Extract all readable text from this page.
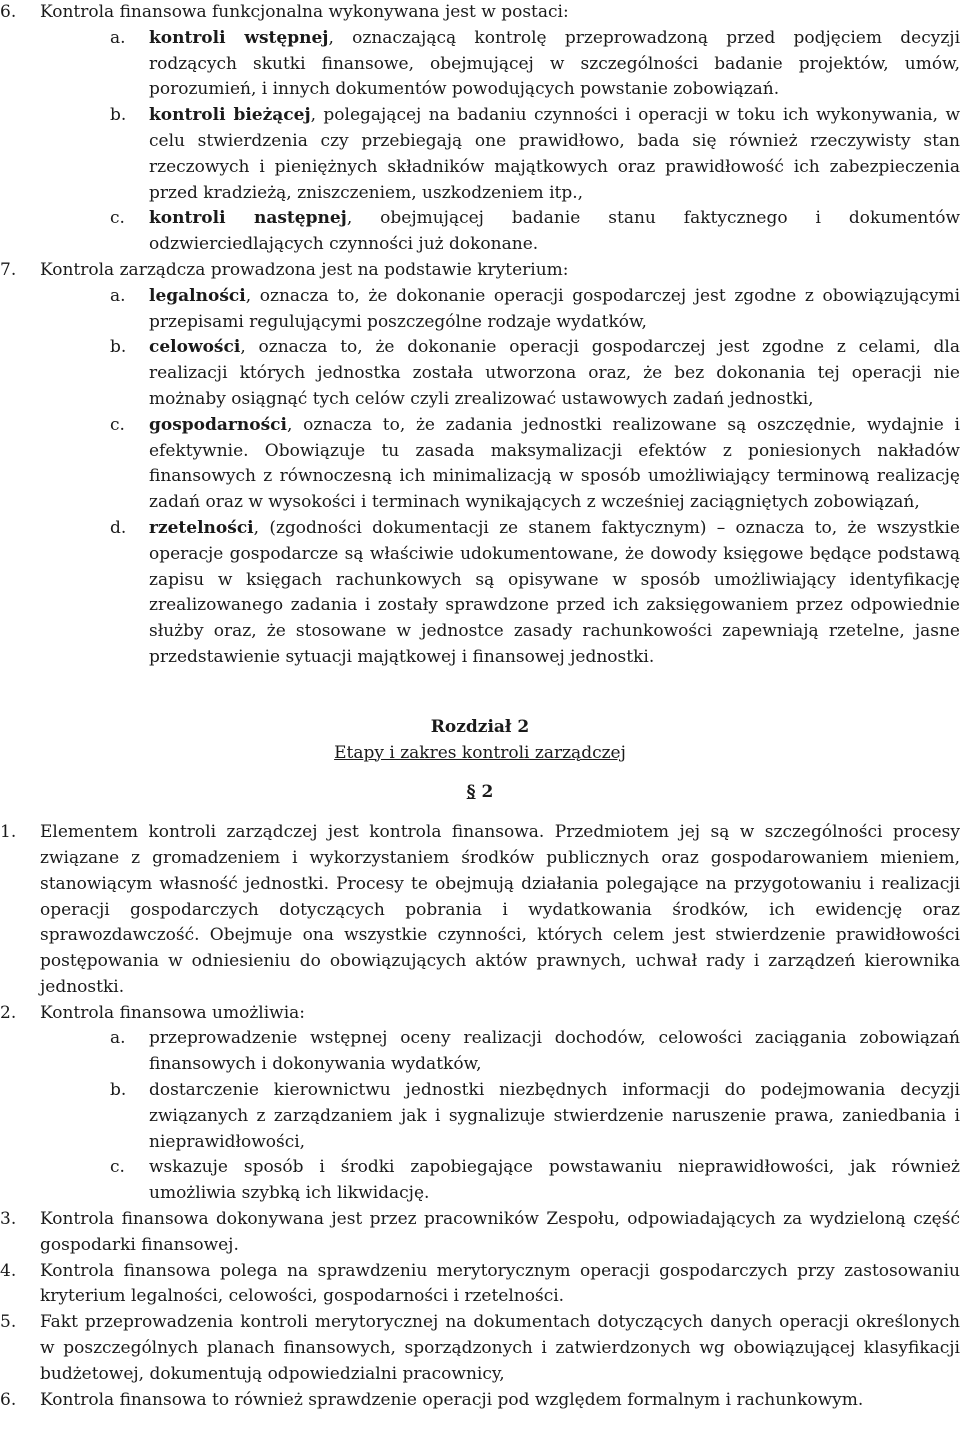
6. Kontrola finansowa funkcjonalna wykonywana jest w postaci:
a. kontroli wstępnej, oznaczającą kontrolę przeprowadzoną przed podjęciem decyzji rodzących skutki finansowe, obejmującej w szczególności badanie projektów, umów, porozumień, i innych dokumentów powodujących powstanie zobowiązań.
b. kontroli bieżącej, polegającej na badaniu czynności i operacji w toku ich wykonywania, w celu stwierdzenia czy przebiegają one prawidłowo, bada się również rzeczywisty stan rzeczowych i pieniężnych składników majątkowych oraz prawidłowość ich zabezpieczenia przed kradzieżą, zniszczeniem, uszkodzeniem itp.,
c. kontroli następnej, obejmującej badanie stanu faktycznego i dokumentów odzwierciedlających czynności już dokonane.
7. Kontrola zarządcza prowadzona jest na podstawie kryterium:
a. legalności, oznacza to, że dokonanie operacji gospodarczej jest zgodne z obowiązującymi przepisami regulującymi poszczególne rodzaje wydatków,
b. celowości, oznacza to, że dokonanie operacji gospodarczej jest zgodne z celami, dla realizacji których jednostka została utworzona oraz, że bez dokonania tej operacji nie możnaby osiągnąć tych celów czyli zrealizować ustawowych zadań jednostki,
c. gospodarności, oznacza to, że zadania jednostki realizowane są oszczędnie, wydajnie i efektywnie. Obowiązuje tu zasada maksymalizacji efektów z poniesionych nakładów finansowych z równoczesną ich minimalizacją w sposób umożliwiający terminową realizację zadań oraz w wysokości i terminach wynikających z wcześniej zaciągniętych zobowiązań,
d. rzetelności, (zgodności dokumentacji ze stanem faktycznym) – oznacza to, że wszystkie operacje gospodarcze są właściwie udokumentowane, że dowody księgowe będące podstawą zapisu w księgach rachunkowych są opisywane w sposób umożliwiający identyfikację zrealizowanego zadania i zostały sprawdzone przed ich zaksięgowaniem przez odpowiednie służby oraz, że stosowane w jednostce zasady rachunkowości zapewniają rzetelne, jasne przedstawienie sytuacji majątkowej i finansowej jednostki.
Rozdział 2
Etapy i zakres kontroli zarządczej
§ 2
1. Elementem kontroli zarządczej jest kontrola finansowa. Przedmiotem jej są w szczególności procesy związane z gromadzeniem i wykorzystaniem środków publicznych oraz gospodarowaniem mieniem, stanowiącym własność jednostki. Procesy te obejmują działania polegające na przygotowaniu i realizacji operacji gospodarczych dotyczących pobrania i wydatkowania środków, ich ewidencję oraz sprawozdawczość. Obejmuje ona wszystkie czynności, których celem jest stwierdzenie prawidłowości postępowania w odniesieniu do obowiązujących aktów prawnych, uchwał rady i zarządzeń kierownika jednostki.
2. Kontrola finansowa umożliwia:
a. przeprowadzenie wstępnej oceny realizacji dochodów, celowości zaciągania zobowiązań finansowych i dokonywania wydatków,
b. dostarczenie kierownictwu jednostki niezbędnych informacji do podejmowania decyzji związanych z zarządzaniem jak i sygnalizuje stwierdzenie naruszenie prawa, zaniedbania i nieprawidłowości,
c. wskazuje sposób i środki zapobiegające powstawaniu nieprawidłowości, jak również umożliwia szybką ich likwidację.
3. Kontrola finansowa dokonywana jest przez pracowników Zespołu, odpowiadających za wydzieloną część gospodarki finansowej.
4. Kontrola finansowa polega na sprawdzeniu merytorycznym operacji gospodarczych przy zastosowaniu kryterium legalności, celowości, gospodarności i rzetelności.
5. Fakt przeprowadzenia kontroli merytorycznej na dokumentach dotyczących danych operacji określonych w poszczególnych planach finansowych, sporządzonych i zatwierdzonych wg obowiązującej klasyfikacji budżetowej, dokumentują odpowiedzialni pracownicy,
6. Kontrola finansowa to również sprawdzenie operacji pod względem formalnym i rachunkowym.
